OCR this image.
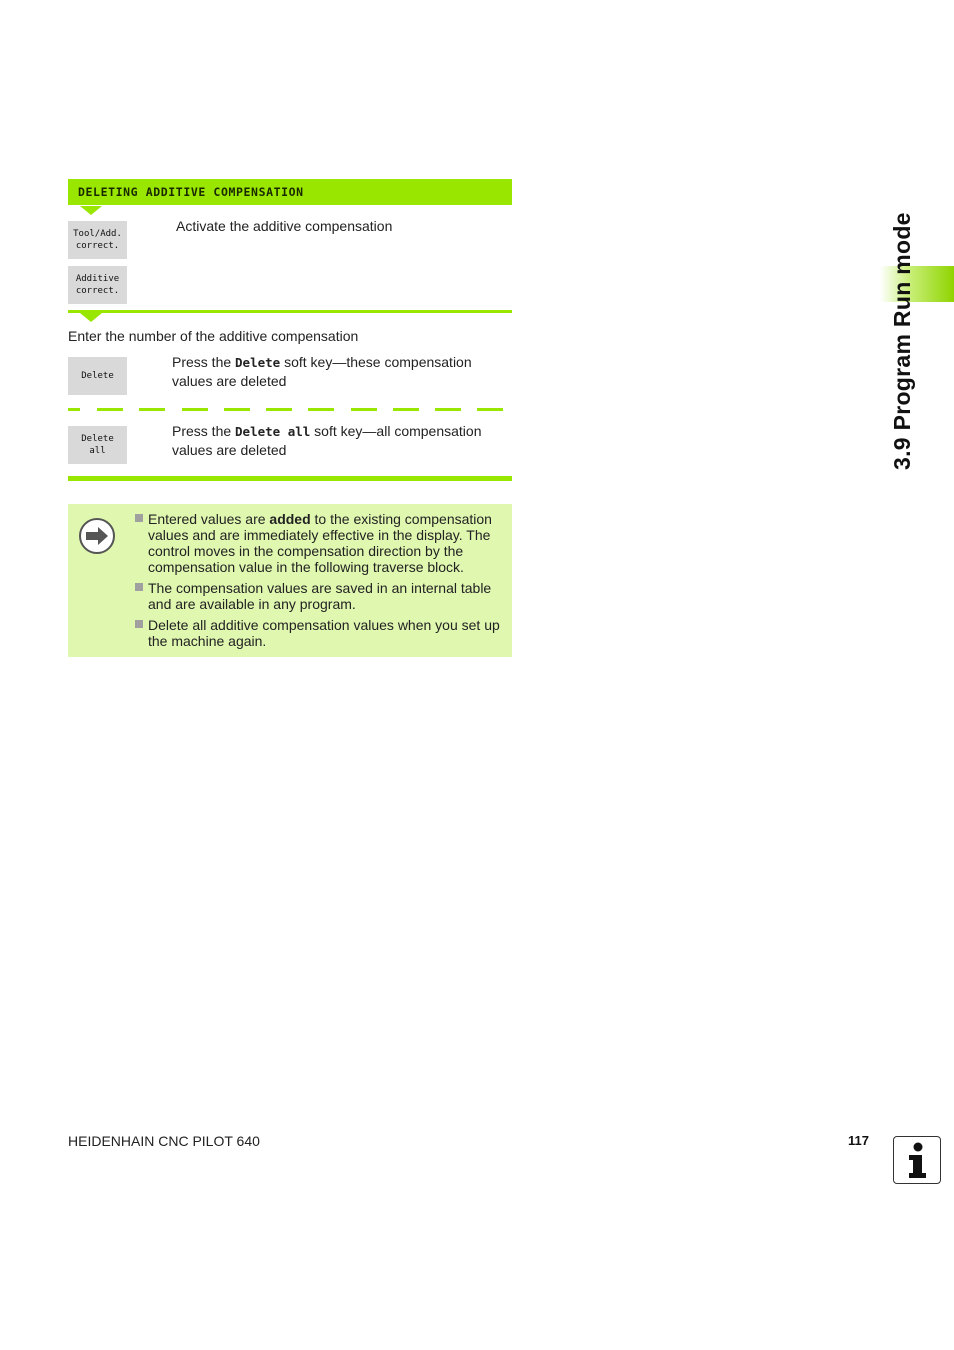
DELETING ADDITIVE COMPENSATION
Tool/Add.
correct.
Additive
correct.
Activate the additive compensation
Enter the number of the additive compensation
Delete
Press the Delete soft key—these compensation values are deleted
Delete
all
Press the Delete all soft key—all compensation values are deleted
Entered values are added to the existing compensation values and are immediately effective in the display. The control moves in the compensation direction by the compensation value in the following traverse block.
The compensation values are saved in an internal table and are available in any program.
Delete all additive compensation values when you set up the machine again.
3.9 Program Run mode
HEIDENHAIN CNC PILOT 640	117
